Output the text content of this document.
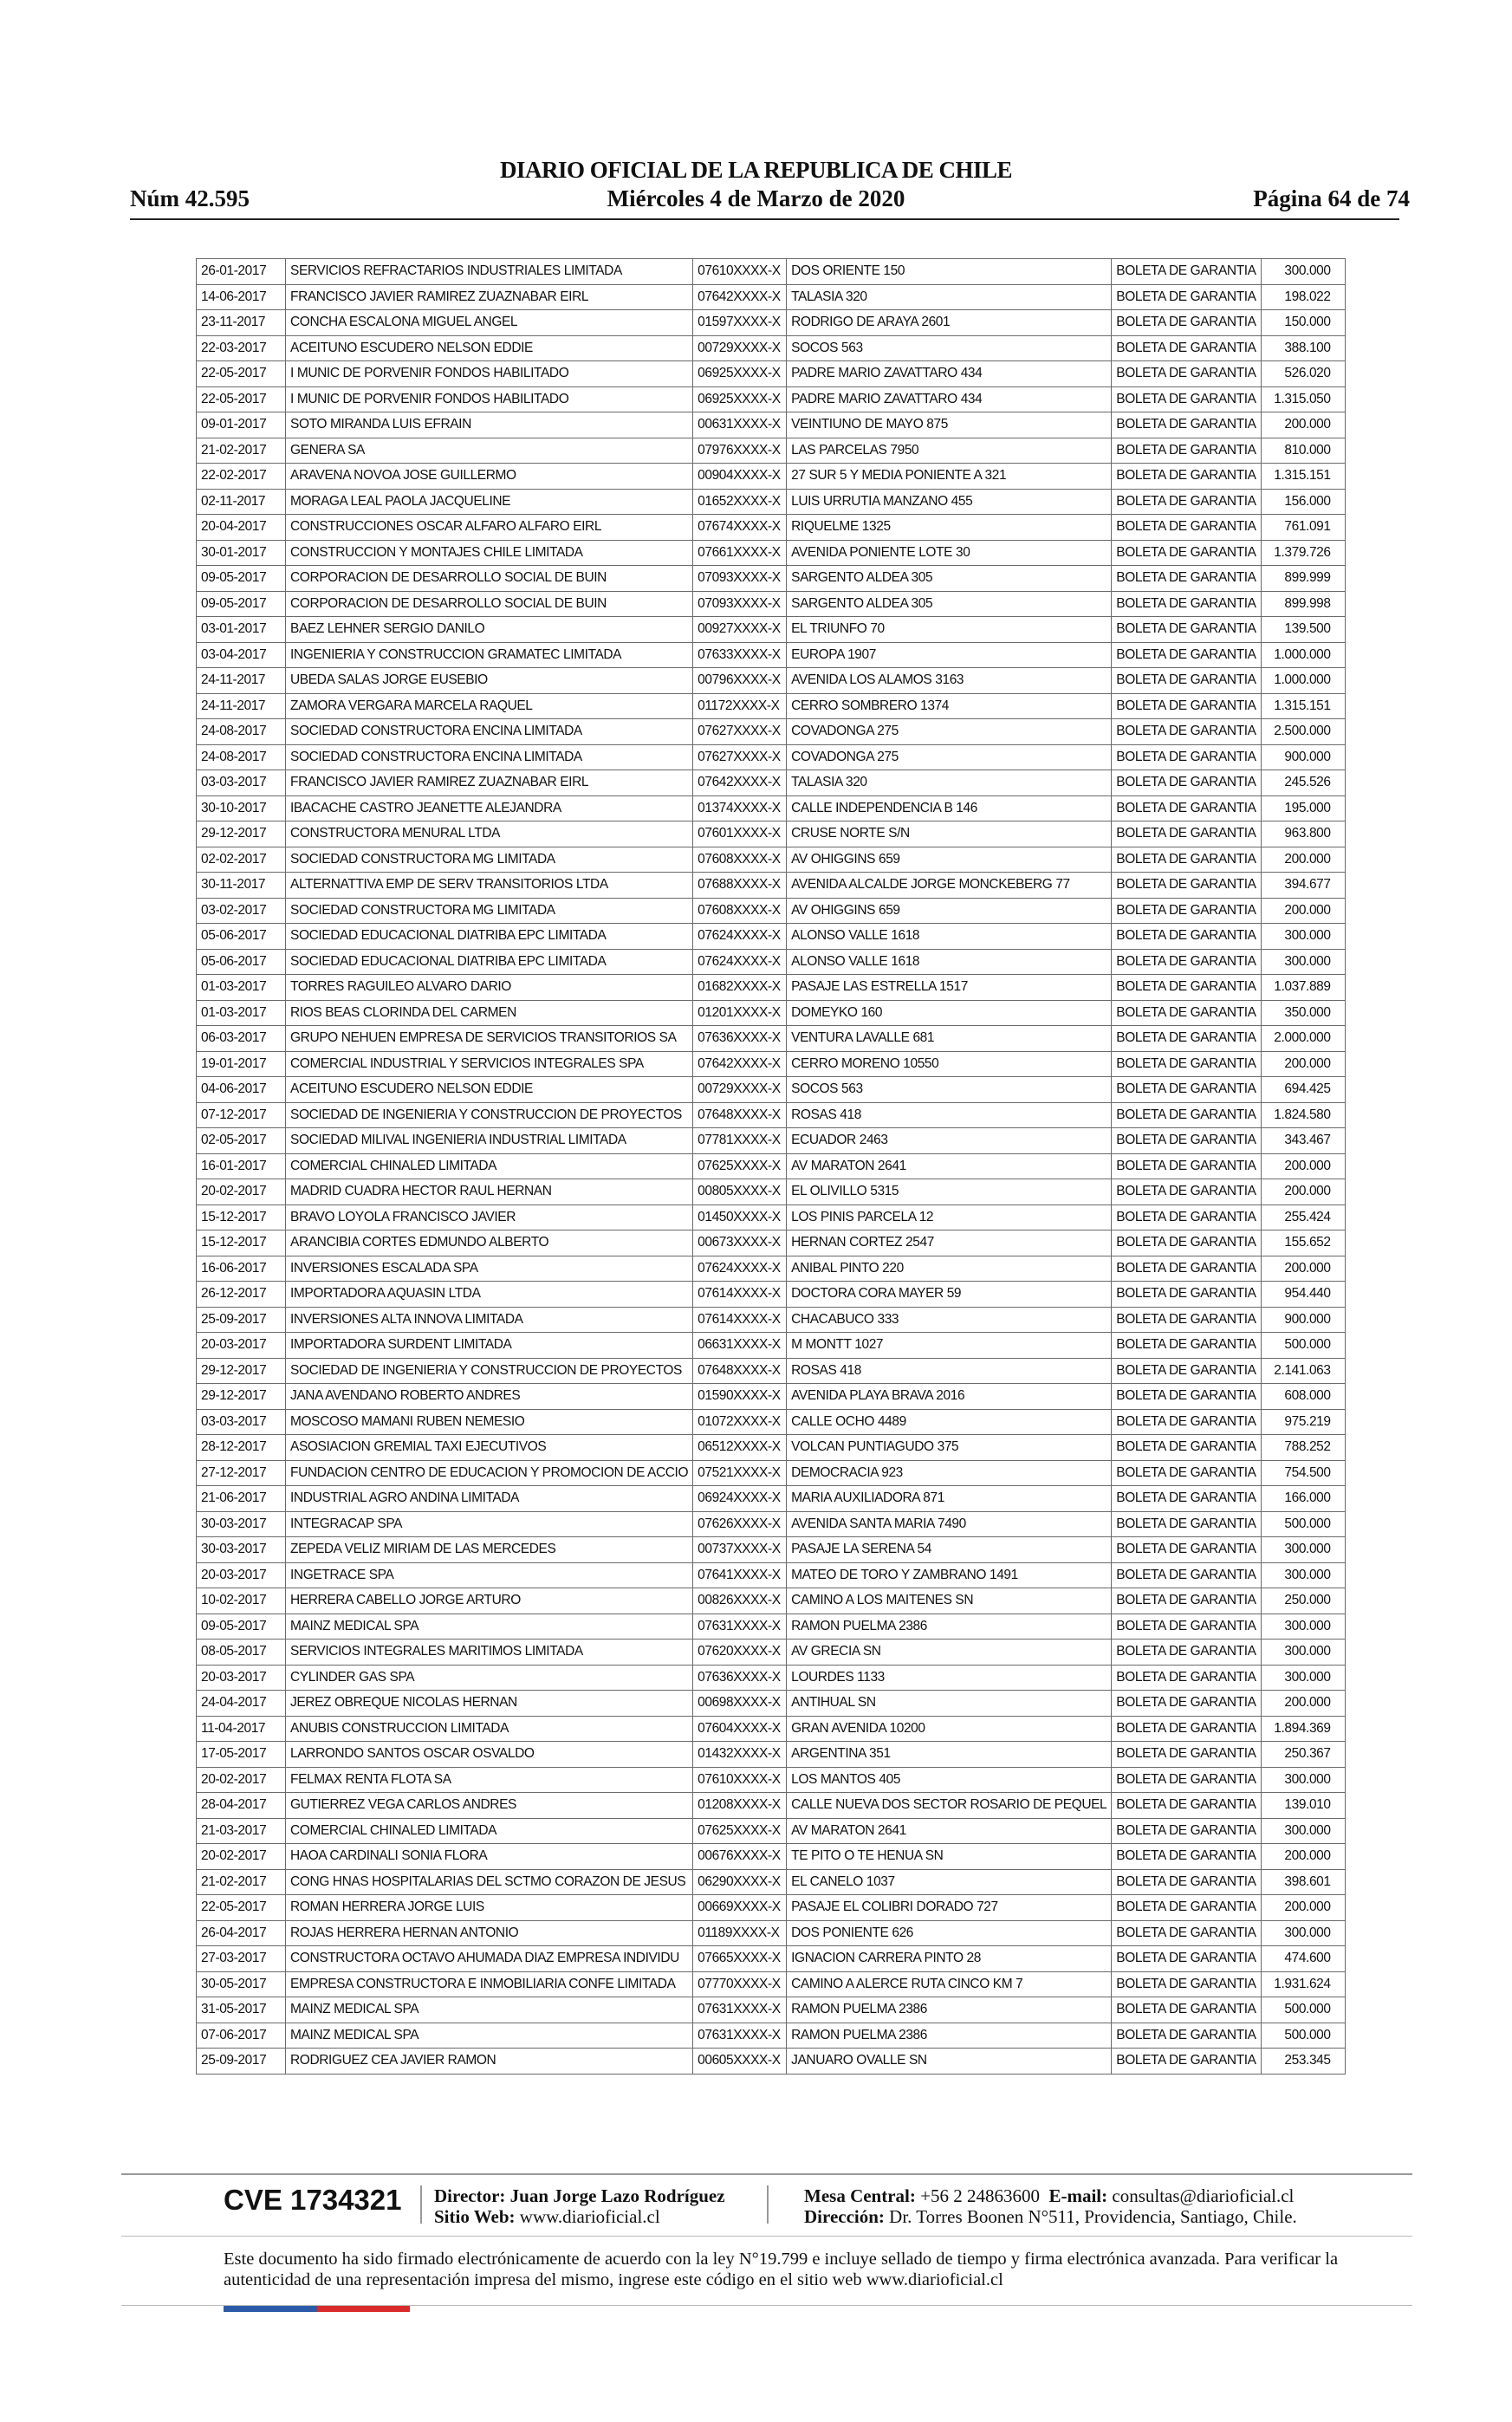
DIARIO OFICIAL DE LA REPUBLICA DE CHILE
Núm 42.595	Miércoles 4 de Marzo de 2020	Página 64 de 74
26-01-2017	SERVICIOS REFRACTARIOS INDUSTRIALES LIMITADA	07610XXXX-X	DOS ORIENTE 150	BOLETA DE GARANTIA	300.000
14-06-2017	FRANCISCO JAVIER RAMIREZ ZUAZNABAR EIRL	07642XXXX-X	TALASIA 320	BOLETA DE GARANTIA	198.022
23-11-2017	CONCHA ESCALONA MIGUEL ANGEL	01597XXXX-X	RODRIGO DE ARAYA 2601	BOLETA DE GARANTIA	150.000
22-03-2017	ACEITUNO ESCUDERO NELSON EDDIE	00729XXXX-X	SOCOS 563	BOLETA DE GARANTIA	388.100
22-05-2017	I MUNIC DE PORVENIR FONDOS HABILITADO	06925XXXX-X	PADRE MARIO ZAVATTARO 434	BOLETA DE GARANTIA	526.020
22-05-2017	I MUNIC DE PORVENIR FONDOS HABILITADO	06925XXXX-X	PADRE MARIO ZAVATTARO 434	BOLETA DE GARANTIA	1.315.050
09-01-2017	SOTO MIRANDA LUIS EFRAIN	00631XXXX-X	VEINTIUNO DE MAYO 875	BOLETA DE GARANTIA	200.000
21-02-2017	GENERA SA	07976XXXX-X	LAS PARCELAS 7950	BOLETA DE GARANTIA	810.000
22-02-2017	ARAVENA NOVOA JOSE GUILLERMO	00904XXXX-X	27 SUR 5 Y MEDIA PONIENTE A 321	BOLETA DE GARANTIA	1.315.151
02-11-2017	MORAGA LEAL PAOLA JACQUELINE	01652XXXX-X	LUIS URRUTIA MANZANO 455	BOLETA DE GARANTIA	156.000
20-04-2017	CONSTRUCCIONES OSCAR ALFARO ALFARO EIRL	07674XXXX-X	RIQUELME 1325	BOLETA DE GARANTIA	761.091
30-01-2017	CONSTRUCCION Y MONTAJES CHILE LIMITADA	07661XXXX-X	AVENIDA PONIENTE LOTE 30	BOLETA DE GARANTIA	1.379.726
09-05-2017	CORPORACION DE DESARROLLO SOCIAL DE BUIN	07093XXXX-X	SARGENTO ALDEA 305	BOLETA DE GARANTIA	899.999
09-05-2017	CORPORACION DE DESARROLLO SOCIAL DE BUIN	07093XXXX-X	SARGENTO ALDEA 305	BOLETA DE GARANTIA	899.998
03-01-2017	BAEZ LEHNER SERGIO DANILO	00927XXXX-X	EL TRIUNFO 70	BOLETA DE GARANTIA	139.500
03-04-2017	INGENIERIA Y CONSTRUCCION GRAMATEC LIMITADA	07633XXXX-X	EUROPA 1907	BOLETA DE GARANTIA	1.000.000
24-11-2017	UBEDA SALAS JORGE EUSEBIO	00796XXXX-X	AVENIDA LOS ALAMOS 3163	BOLETA DE GARANTIA	1.000.000
24-11-2017	ZAMORA VERGARA MARCELA RAQUEL	01172XXXX-X	CERRO SOMBRERO 1374	BOLETA DE GARANTIA	1.315.151
24-08-2017	SOCIEDAD CONSTRUCTORA ENCINA LIMITADA	07627XXXX-X	COVADONGA 275	BOLETA DE GARANTIA	2.500.000
24-08-2017	SOCIEDAD CONSTRUCTORA ENCINA LIMITADA	07627XXXX-X	COVADONGA 275	BOLETA DE GARANTIA	900.000
03-03-2017	FRANCISCO JAVIER RAMIREZ ZUAZNABAR EIRL	07642XXXX-X	TALASIA 320	BOLETA DE GARANTIA	245.526
30-10-2017	IBACACHE CASTRO JEANETTE ALEJANDRA	01374XXXX-X	CALLE INDEPENDENCIA B 146	BOLETA DE GARANTIA	195.000
29-12-2017	CONSTRUCTORA MENURAL LTDA	07601XXXX-X	CRUSE NORTE S/N	BOLETA DE GARANTIA	963.800
02-02-2017	SOCIEDAD CONSTRUCTORA MG LIMITADA	07608XXXX-X	AV OHIGGINS 659	BOLETA DE GARANTIA	200.000
30-11-2017	ALTERNATTIVA EMP DE SERV TRANSITORIOS LTDA	07688XXXX-X	AVENIDA ALCALDE JORGE MONCKEBERG 77	BOLETA DE GARANTIA	394.677
03-02-2017	SOCIEDAD CONSTRUCTORA MG LIMITADA	07608XXXX-X	AV OHIGGINS 659	BOLETA DE GARANTIA	200.000
05-06-2017	SOCIEDAD EDUCACIONAL DIATRIBA EPC LIMITADA	07624XXXX-X	ALONSO VALLE 1618	BOLETA DE GARANTIA	300.000
05-06-2017	SOCIEDAD EDUCACIONAL DIATRIBA EPC LIMITADA	07624XXXX-X	ALONSO VALLE 1618	BOLETA DE GARANTIA	300.000
01-03-2017	TORRES RAGUILEO ALVARO DARIO	01682XXXX-X	PASAJE LAS ESTRELLA 1517	BOLETA DE GARANTIA	1.037.889
01-03-2017	RIOS BEAS CLORINDA DEL CARMEN	01201XXXX-X	DOMEYKO 160	BOLETA DE GARANTIA	350.000
06-03-2017	GRUPO NEHUEN EMPRESA DE SERVICIOS TRANSITORIOS SA	07636XXXX-X	VENTURA LAVALLE 681	BOLETA DE GARANTIA	2.000.000
19-01-2017	COMERCIAL INDUSTRIAL Y SERVICIOS INTEGRALES SPA	07642XXXX-X	CERRO MORENO 10550	BOLETA DE GARANTIA	200.000
04-06-2017	ACEITUNO ESCUDERO NELSON EDDIE	00729XXXX-X	SOCOS 563	BOLETA DE GARANTIA	694.425
07-12-2017	SOCIEDAD DE INGENIERIA Y CONSTRUCCION DE PROYECTOS	07648XXXX-X	ROSAS 418	BOLETA DE GARANTIA	1.824.580
02-05-2017	SOCIEDAD MILIVAL INGENIERIA INDUSTRIAL LIMITADA	07781XXXX-X	ECUADOR 2463	BOLETA DE GARANTIA	343.467
16-01-2017	COMERCIAL CHINALED LIMITADA	07625XXXX-X	AV MARATON 2641	BOLETA DE GARANTIA	200.000
20-02-2017	MADRID CUADRA HECTOR RAUL HERNAN	00805XXXX-X	EL OLIVILLO 5315	BOLETA DE GARANTIA	200.000
15-12-2017	BRAVO LOYOLA FRANCISCO JAVIER	01450XXXX-X	LOS PINIS PARCELA 12	BOLETA DE GARANTIA	255.424
15-12-2017	ARANCIBIA CORTES EDMUNDO ALBERTO	00673XXXX-X	HERNAN CORTEZ 2547	BOLETA DE GARANTIA	155.652
16-06-2017	INVERSIONES ESCALADA SPA	07624XXXX-X	ANIBAL PINTO 220	BOLETA DE GARANTIA	200.000
26-12-2017	IMPORTADORA AQUASIN LTDA	07614XXXX-X	DOCTORA CORA MAYER 59	BOLETA DE GARANTIA	954.440
25-09-2017	INVERSIONES ALTA INNOVA LIMITADA	07614XXXX-X	CHACABUCO 333	BOLETA DE GARANTIA	900.000
20-03-2017	IMPORTADORA SURDENT LIMITADA	06631XXXX-X	M MONTT 1027	BOLETA DE GARANTIA	500.000
29-12-2017	SOCIEDAD DE INGENIERIA Y CONSTRUCCION DE PROYECTOS	07648XXXX-X	ROSAS 418	BOLETA DE GARANTIA	2.141.063
29-12-2017	JANA AVENDANO ROBERTO ANDRES	01590XXXX-X	AVENIDA PLAYA BRAVA 2016	BOLETA DE GARANTIA	608.000
03-03-2017	MOSCOSO MAMANI RUBEN NEMESIO	01072XXXX-X	CALLE OCHO 4489	BOLETA DE GARANTIA	975.219
28-12-2017	ASOSIACION GREMIAL TAXI EJECUTIVOS	06512XXXX-X	VOLCAN PUNTIAGUDO 375	BOLETA DE GARANTIA	788.252
27-12-2017	FUNDACION CENTRO DE EDUCACION Y PROMOCION DE ACCIO	07521XXXX-X	DEMOCRACIA 923	BOLETA DE GARANTIA	754.500
21-06-2017	INDUSTRIAL AGRO ANDINA LIMITADA	06924XXXX-X	MARIA AUXILIADORA 871	BOLETA DE GARANTIA	166.000
30-03-2017	INTEGRACAP SPA	07626XXXX-X	AVENIDA SANTA MARIA 7490	BOLETA DE GARANTIA	500.000
30-03-2017	ZEPEDA VELIZ MIRIAM DE LAS MERCEDES	00737XXXX-X	PASAJE LA SERENA 54	BOLETA DE GARANTIA	300.000
20-03-2017	INGETRACE SPA	07641XXXX-X	MATEO DE TORO Y ZAMBRANO 1491	BOLETA DE GARANTIA	300.000
10-02-2017	HERRERA CABELLO JORGE ARTURO	00826XXXX-X	CAMINO A LOS MAITENES SN	BOLETA DE GARANTIA	250.000
09-05-2017	MAINZ MEDICAL SPA	07631XXXX-X	RAMON PUELMA 2386	BOLETA DE GARANTIA	300.000
08-05-2017	SERVICIOS INTEGRALES MARITIMOS LIMITADA	07620XXXX-X	AV GRECIA SN	BOLETA DE GARANTIA	300.000
20-03-2017	CYLINDER GAS SPA	07636XXXX-X	LOURDES 1133	BOLETA DE GARANTIA	300.000
24-04-2017	JEREZ OBREQUE NICOLAS HERNAN	00698XXXX-X	ANTIHUAL SN	BOLETA DE GARANTIA	200.000
11-04-2017	ANUBIS CONSTRUCCION LIMITADA	07604XXXX-X	GRAN AVENIDA 10200	BOLETA DE GARANTIA	1.894.369
17-05-2017	LARRONDO SANTOS OSCAR OSVALDO	01432XXXX-X	ARGENTINA 351	BOLETA DE GARANTIA	250.367
20-02-2017	FELMAX RENTA FLOTA SA	07610XXXX-X	LOS MANTOS 405	BOLETA DE GARANTIA	300.000
28-04-2017	GUTIERREZ VEGA CARLOS ANDRES	01208XXXX-X	CALLE NUEVA DOS SECTOR ROSARIO DE PEQUEL	BOLETA DE GARANTIA	139.010
21-03-2017	COMERCIAL CHINALED LIMITADA	07625XXXX-X	AV MARATON 2641	BOLETA DE GARANTIA	300.000
20-02-2017	HAOA CARDINALI SONIA FLORA	00676XXXX-X	TE PITO O TE HENUA SN	BOLETA DE GARANTIA	200.000
21-02-2017	CONG HNAS HOSPITALARIAS DEL SCTMO CORAZON DE JESUS	06290XXXX-X	EL CANELO 1037	BOLETA DE GARANTIA	398.601
22-05-2017	ROMAN HERRERA JORGE LUIS	00669XXXX-X	PASAJE EL COLIBRI DORADO 727	BOLETA DE GARANTIA	200.000
26-04-2017	ROJAS HERRERA HERNAN ANTONIO	01189XXXX-X	DOS PONIENTE 626	BOLETA DE GARANTIA	300.000
27-03-2017	CONSTRUCTORA OCTAVO AHUMADA DIAZ EMPRESA INDIVIDU	07665XXXX-X	IGNACION CARRERA PINTO 28	BOLETA DE GARANTIA	474.600
30-05-2017	EMPRESA CONSTRUCTORA E INMOBILIARIA CONFE LIMITADA	07770XXXX-X	CAMINO A ALERCE RUTA CINCO KM 7	BOLETA DE GARANTIA	1.931.624
31-05-2017	MAINZ MEDICAL SPA	07631XXXX-X	RAMON PUELMA 2386	BOLETA DE GARANTIA	500.000
07-06-2017	MAINZ MEDICAL SPA	07631XXXX-X	RAMON PUELMA 2386	BOLETA DE GARANTIA	500.000
25-09-2017	RODRIGUEZ CEA JAVIER RAMON	00605XXXX-X	JANUARO OVALLE SN	BOLETA DE GARANTIA	253.345
CVE 1734321 Director: Juan Jorge Lazo Rodríguez
Sitio Web: www.diarioficial.cl
Mesa Central: +56 2 24863600 E-mail: consultas@diarioficial.cl
Dirección: Dr. Torres Boonen N°511, Providencia, Santiago, Chile.
Este documento ha sido firmado electrónicamente de acuerdo con la ley N°19.799 e incluye sellado de tiempo y firma electrónica avanzada. Para verificar la autenticidad de una representación impresa del mismo, ingrese este código en el sitio web www.diarioficial.cl
